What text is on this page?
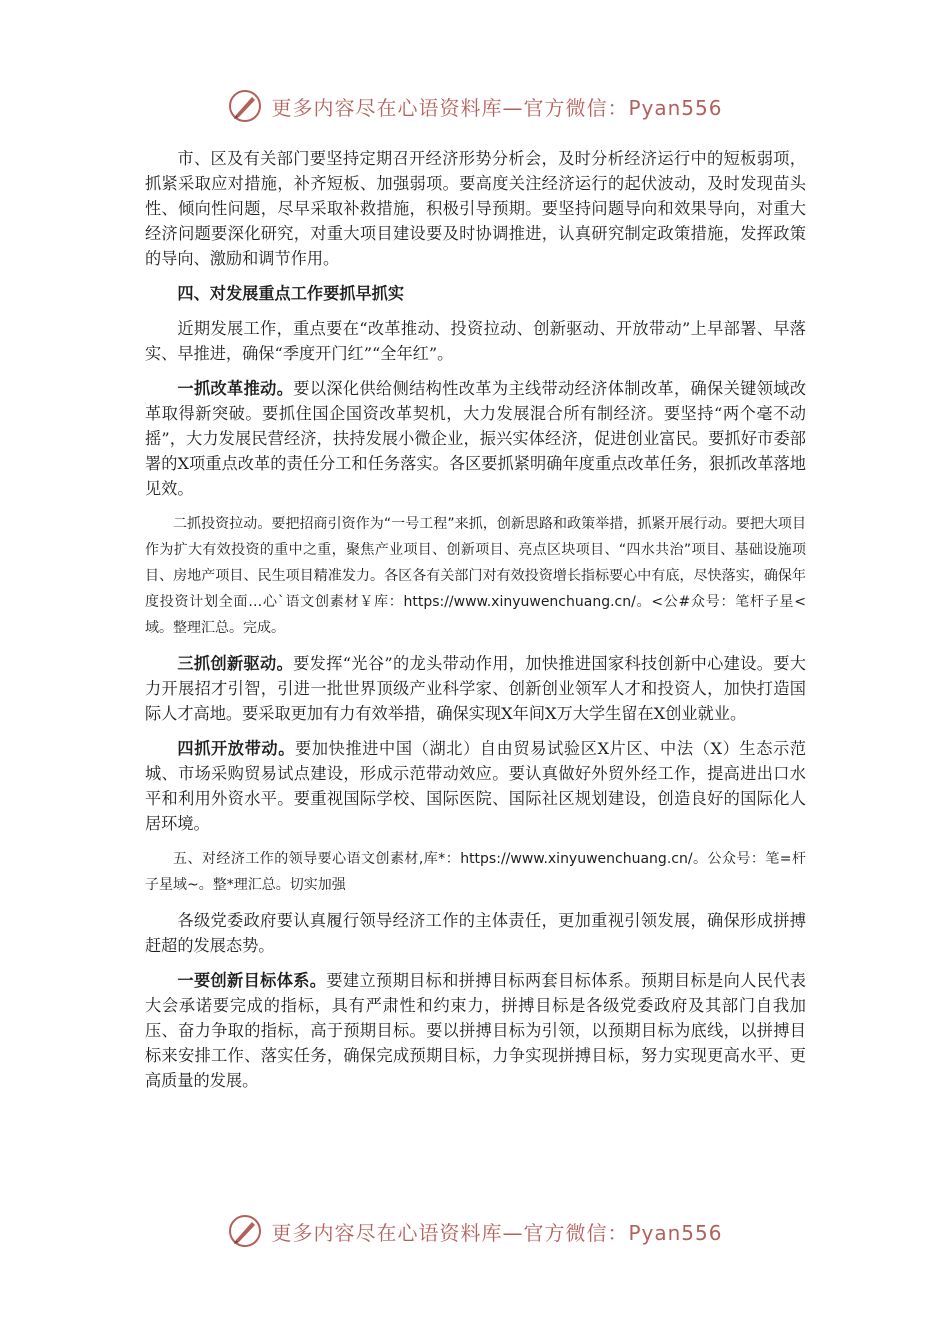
更多内容尽在心语资料库—官方微信：Pyan556

市、区及有关部门要坚持定期召开经济形势分析会，及时分析经济运行中的短板弱项，抓紧采取应对措施，补齐短板、加强弱项。要高度关注经济运行的起伏波动，及时发现苗头性、倾向性问题，尽早采取补救措施，积极引导预期。要坚持问题导向和效果导向，对重大经济问题要深化研究，对重大项目建设要及时协调推进，认真研究制定政策措施，发挥政策的导向、激励和调节作用。

四、对发展重点工作要抓早抓实

近期发展工作，重点要在“改革推动、投资拉动、创新驱动、开放带动”上早部署、早落实、早推进，确保“季度开门红”“全年红”。

一抓改革推动。要以深化供给侧结构性改革为主线带动经济体制改革，确保关键领域改革取得新突破。要抓住国企国资改革契机，大力发展混合所有制经济。要坚持“两个毫不动摇”，大力发展民营经济，扶持发展小微企业，振兴实体经济，促进创业富民。要抓好市委部署的X项重点改革的责任分工和任务落实。各区要抓紧明确年度重点改革任务，狠抓改革落地见效。

二抓投资拉动。要把招商引资作为“一号工程”来抓，创新思路和政策举措，抓紧开展行动。要把大项目作为扩大有效投资的重中之重，聚焦产业项目、创新项目、亮点区块项目、“四水共治”项目、基础设施项目、房地产项目、民生项目精准发力。各区各有关部门对有效投资增长指标要心中有底，尽快落实，确保年度投资计划全面…心`语文创素材￥库：https://www.xinyuwenchuang.cn/。<公#众号：笔杆子星<域。整理汇总。完成。

三抓创新驱动。要发挥“光谷”的龙头带动作用，加快推进国家科技创新中心建设。要大力开展招才引智，引进一批世界顶级产业科学家、创新创业领军人才和投资人，加快打造国际人才高地。要采取更加有力有效举措，确保实现X年间X万大学生留在X创业就业。

四抓开放带动。要加快推进中国（湖北）自由贸易试验区X片区、中法（X）生态示范城、市场采购贸易试点建设，形成示范带动效应。要认真做好外贸外经工作，提高进出口水平和利用外资水平。要重视国际学校、国际医院、国际社区规划建设，创造良好的国际化人居环境。

五、对经济工作的领导要心语文创素材,库*：https://www.xinyuwenchuang.cn/。公众号：笔=杆子星域~。整*理汇总。切实加强

各级党委政府要认真履行领导经济工作的主体责任，更加重视引领发展，确保形成拼搏赶超的发展态势。

一要创新目标体系。要建立预期目标和拼搏目标两套目标体系。预期目标是向人民代表大会承诺要完成的指标，具有严肃性和约束力，拼搏目标是各级党委政府及其部门自我加压、奋力争取的指标，高于预期目标。要以拼搏目标为引领，以预期目标为底线，以拼搏目标来安排工作、落实任务，确保完成预期目标，力争实现拼搏目标，努力实现更高水平、更高质量的发展。

更多内容尽在心语资料库—官方微信：Pyan556
